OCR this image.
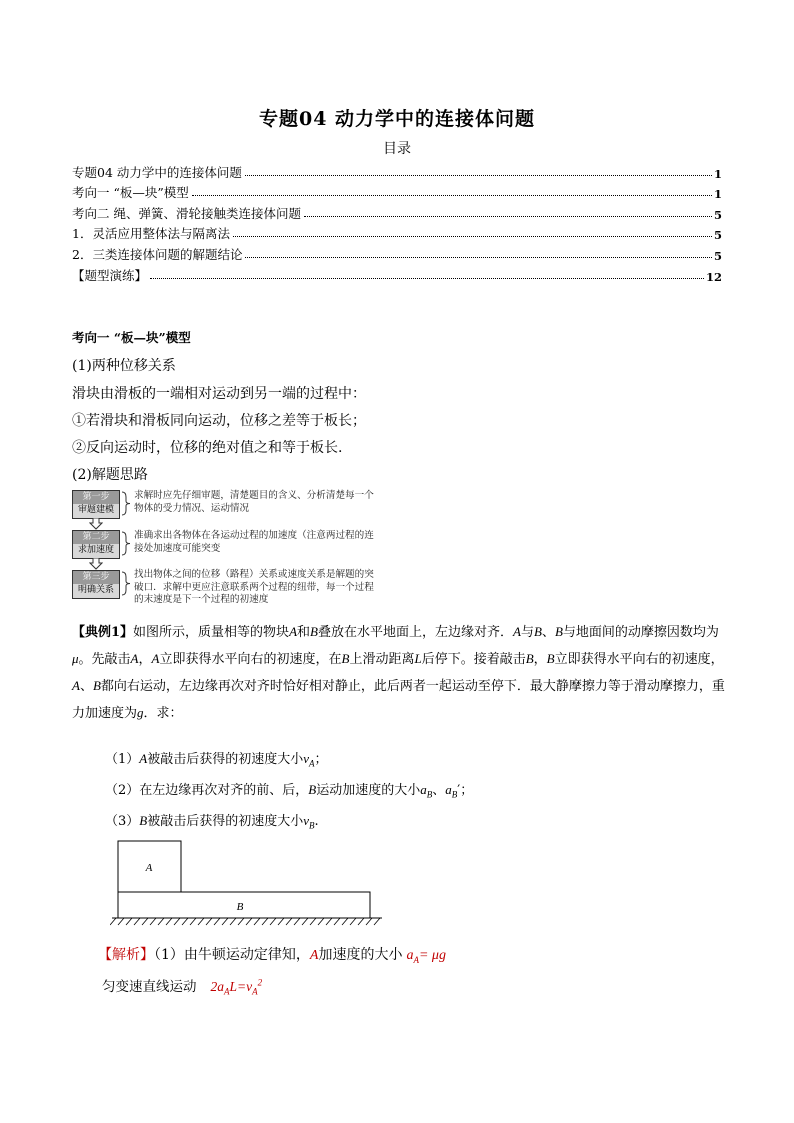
专题04 动力学中的连接体问题
目录
专题04 动力学中的连接体问题	1
考向一 “板—块”模型	1
考向二 绳、弹簧、滑轮接触类连接体问题	5
1．灵活应用整体法与隔离法	5
2．三类连接体问题的解题结论	5
【题型演练】	12
考向一 “板—块”模型
(1)两种位移关系
滑块由滑板的一端相对运动到另一端的过程中：
①若滑块和滑板同向运动，位移之差等于板长；
②反向运动时，位移的绝对值之和等于板长.
(2)解题思路
第一步
审题建模
求解时应先仔细审题，清楚题目的含义、分析清楚每一个物体的受力情况、运动情况
第二步
求加速度
准确求出各物体在各运动过程的加速度（注意两过程的连接处加速度可能突变
第三步
明确关系
找出物体之间的位移（路程）关系或速度关系是解题的突破口．求解中更应注意联系两个过程的纽带，每一个过程的末速度是下一个过程的初速度
【典例1】如图所示，质量相等的物块A和B叠放在水平地面上，左边缘对齐．A与B、B与地面间的动摩擦因数均为μ。先敲击A，A立即获得水平向右的初速度，在B上滑动距离L后停下。接着敲击B，B立即获得水平向右的初速度，A、B都向右运动，左边缘再次对齐时恰好相对静止，此后两者一起运动至停下．最大静摩擦力等于滑动摩擦力，重力加速度为g．求：
（1）A被敲击后获得的初速度大小$v_A$；
（2）在左边缘再次对齐的前、后，B运动加速度的大小$a_B$、$a_B'$；
（3）B被敲击后获得的初速度大小$v_B$.
A
B
【解析】（1）由牛顿运动定律知，A加速度的大小 $a_A= \mu g$
匀变速直线运动 $2a_AL=v_A^2$
